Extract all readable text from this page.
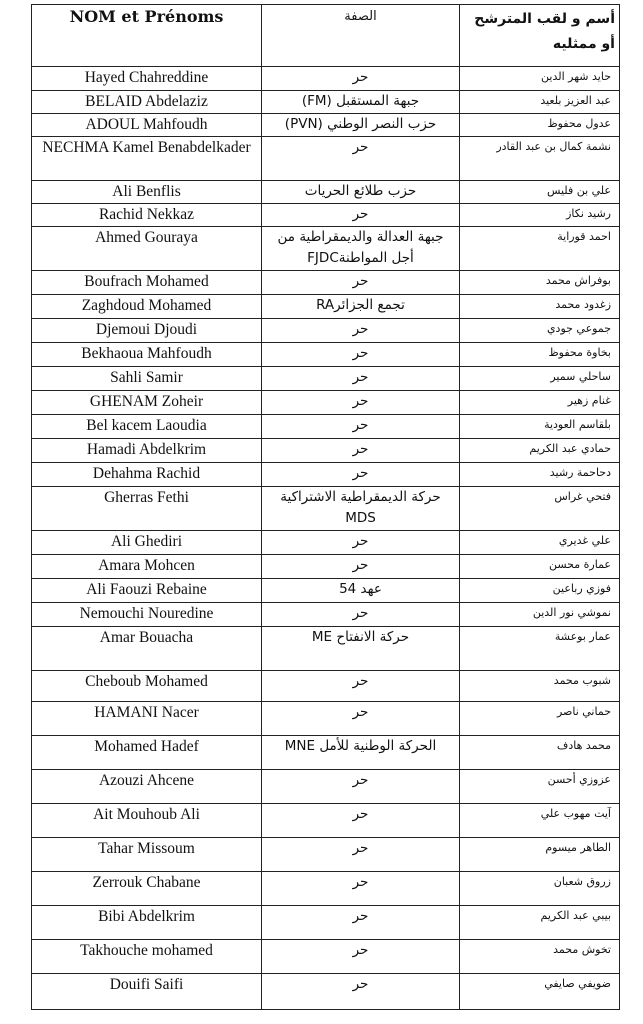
NOM et Prénoms	الصفة	أسم و لقب المترشح أو ممثليه
Hayed Chahreddine	حر	حايد شهر الدين
BELAID Abdelaziz	جبهة المستقبل (FM)	عبد العزيز بلعيد
ADOUL Mahfoudh	حزب النصر الوطني (PVN)	عدول محفوظ
NECHMA Kamel Benabdelkader	حر	نشمة كمال بن عبد القادر
Ali Benflis	حزب طلائع الحريات	علي بن فليس
Rachid Nekkaz	حر	رشيد نكاز
Ahmed Gouraya	جبهة العدالة والديمقراطية من أجل المواطنةFJDC	احمد قوراية
Boufrach Mohamed	حر	بوفراش محمد
Zaghdoud Mohamed	تجمع الجزائرRA	زغدود محمد
Djemoui Djoudi	حر	جموعي جودي
Bekhaoua Mahfoudh	حر	بخاوة محفوظ
Sahli Samir	حر	ساحلي سمير
GHENAM Zoheir	حر	غنام زهير
Bel kacem Laoudia	حر	بلقاسم العودية
Hamadi Abdelkrim	حر	حمادي عبد الكريم
Dehahma Rachid	حر	دحاحمة رشيد
Gherras Fethi	حركة الديمقراطية الاشتراكية MDS	فتحي غراس
Ali Ghediri	حر	علي غديري
Amara Mohcen	حر	عمارة محسن
Ali Faouzi Rebaine	عهد 54	فوزي رباعين
Nemouchi Nouredine	حر	نموشي نور الدين
Amar Bouacha	حركة الانفتاح ME	عمار بوعشة
Cheboub Mohamed	حر	شبوب محمد
HAMANI Nacer	حر	حماني ناصر
Mohamed Hadef	الحركة الوطنية للأمل MNE	محمد هادف
Azouzi Ahcene	حر	عزوزي أحسن
Ait Mouhoub Ali	حر	آيت مهوب علي
Tahar Missoum	حر	الطاهر ميسوم
Zerrouk Chabane	حر	زروق شعبان
Bibi Abdelkrim	حر	بيبي عبد الكريم
Takhouche mohamed	حر	تخوش محمد
Douifi Saifi	حر	ضويفي صايفي
